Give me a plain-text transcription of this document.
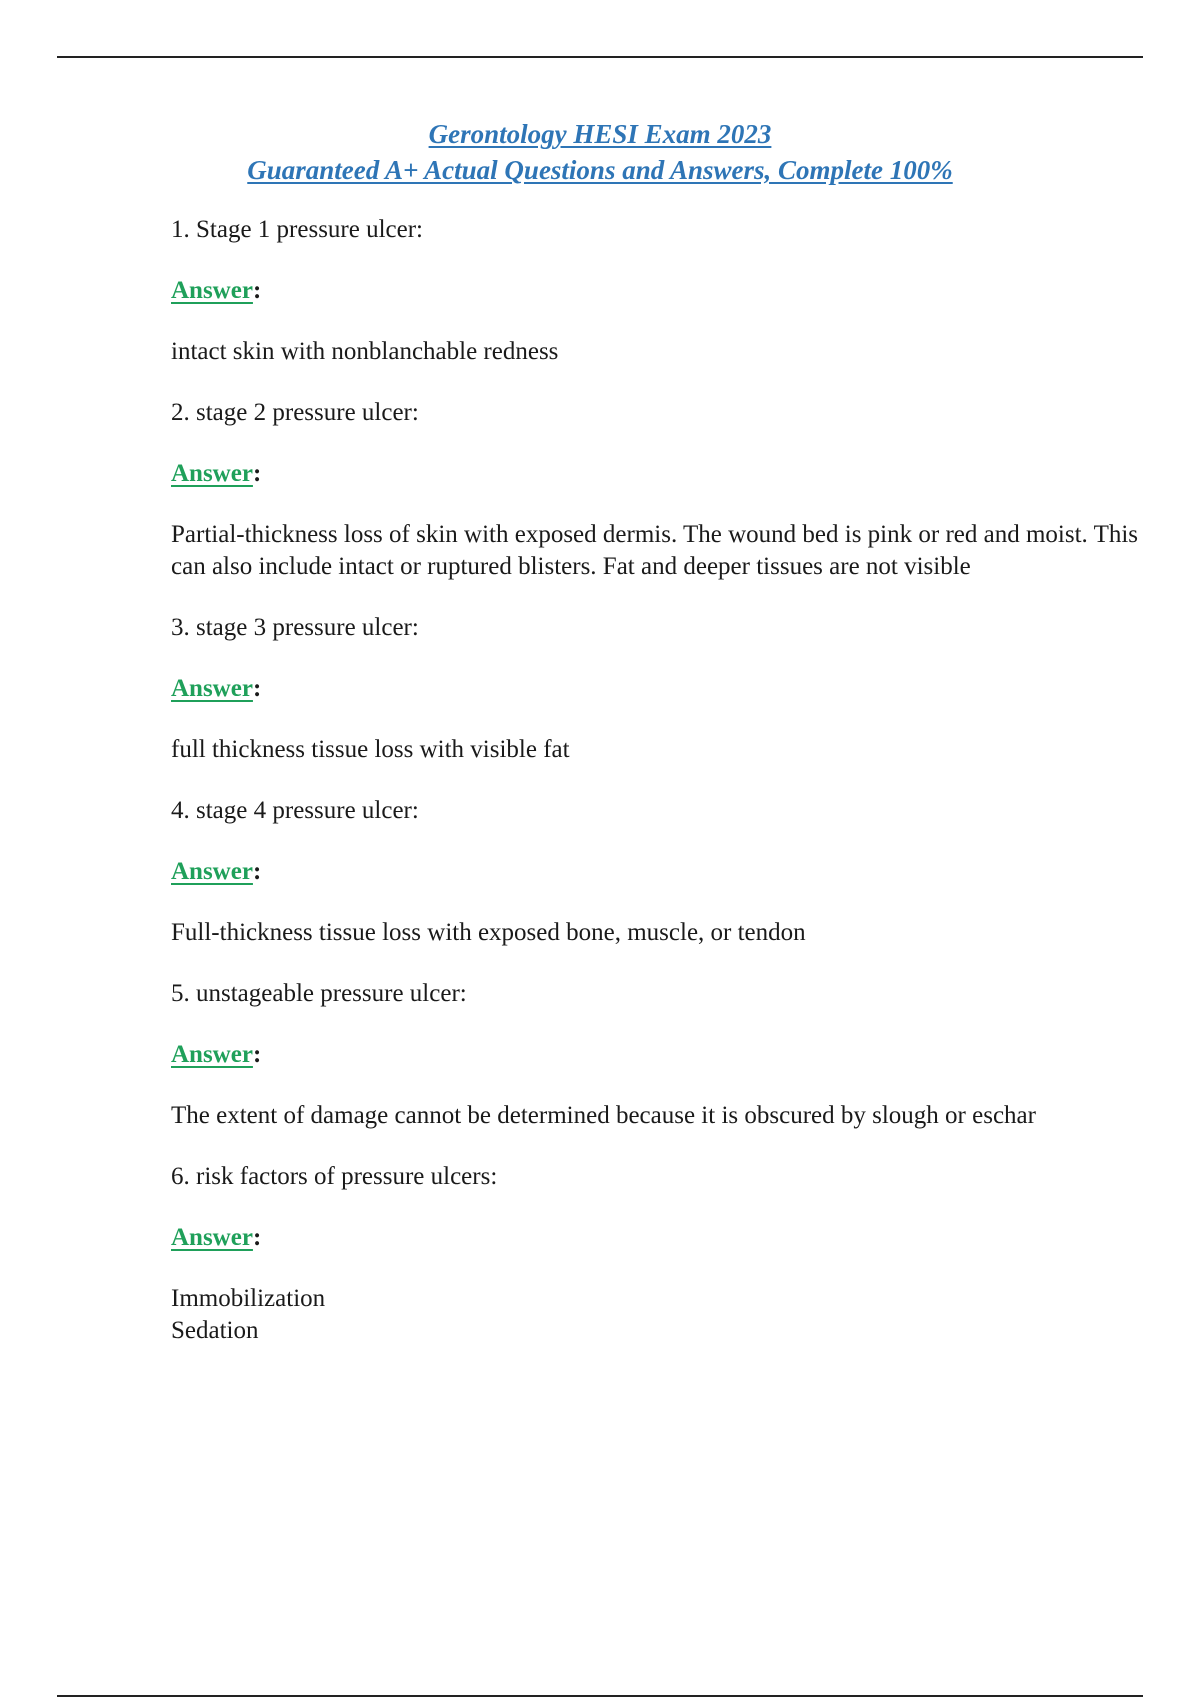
Gerontology HESI Exam 2023
Guaranteed A+ Actual Questions and Answers, Complete 100%

1. Stage 1 pressure ulcer:

Answer:

intact skin with nonblanchable redness

2. stage 2 pressure ulcer:

Answer:

Partial-thickness loss of skin with exposed dermis. The wound bed is pink or red and moist. This can also include intact or ruptured blisters. Fat and deeper tissues are not visible

3. stage 3 pressure ulcer:

Answer:

full thickness tissue loss with visible fat

4. stage 4 pressure ulcer:

Answer:

Full-thickness tissue loss with exposed bone, muscle, or tendon

5. unstageable pressure ulcer:

Answer:

The extent of damage cannot be determined because it is obscured by slough or eschar

6. risk factors of pressure ulcers:

Answer:

Immobilization
Sedation
